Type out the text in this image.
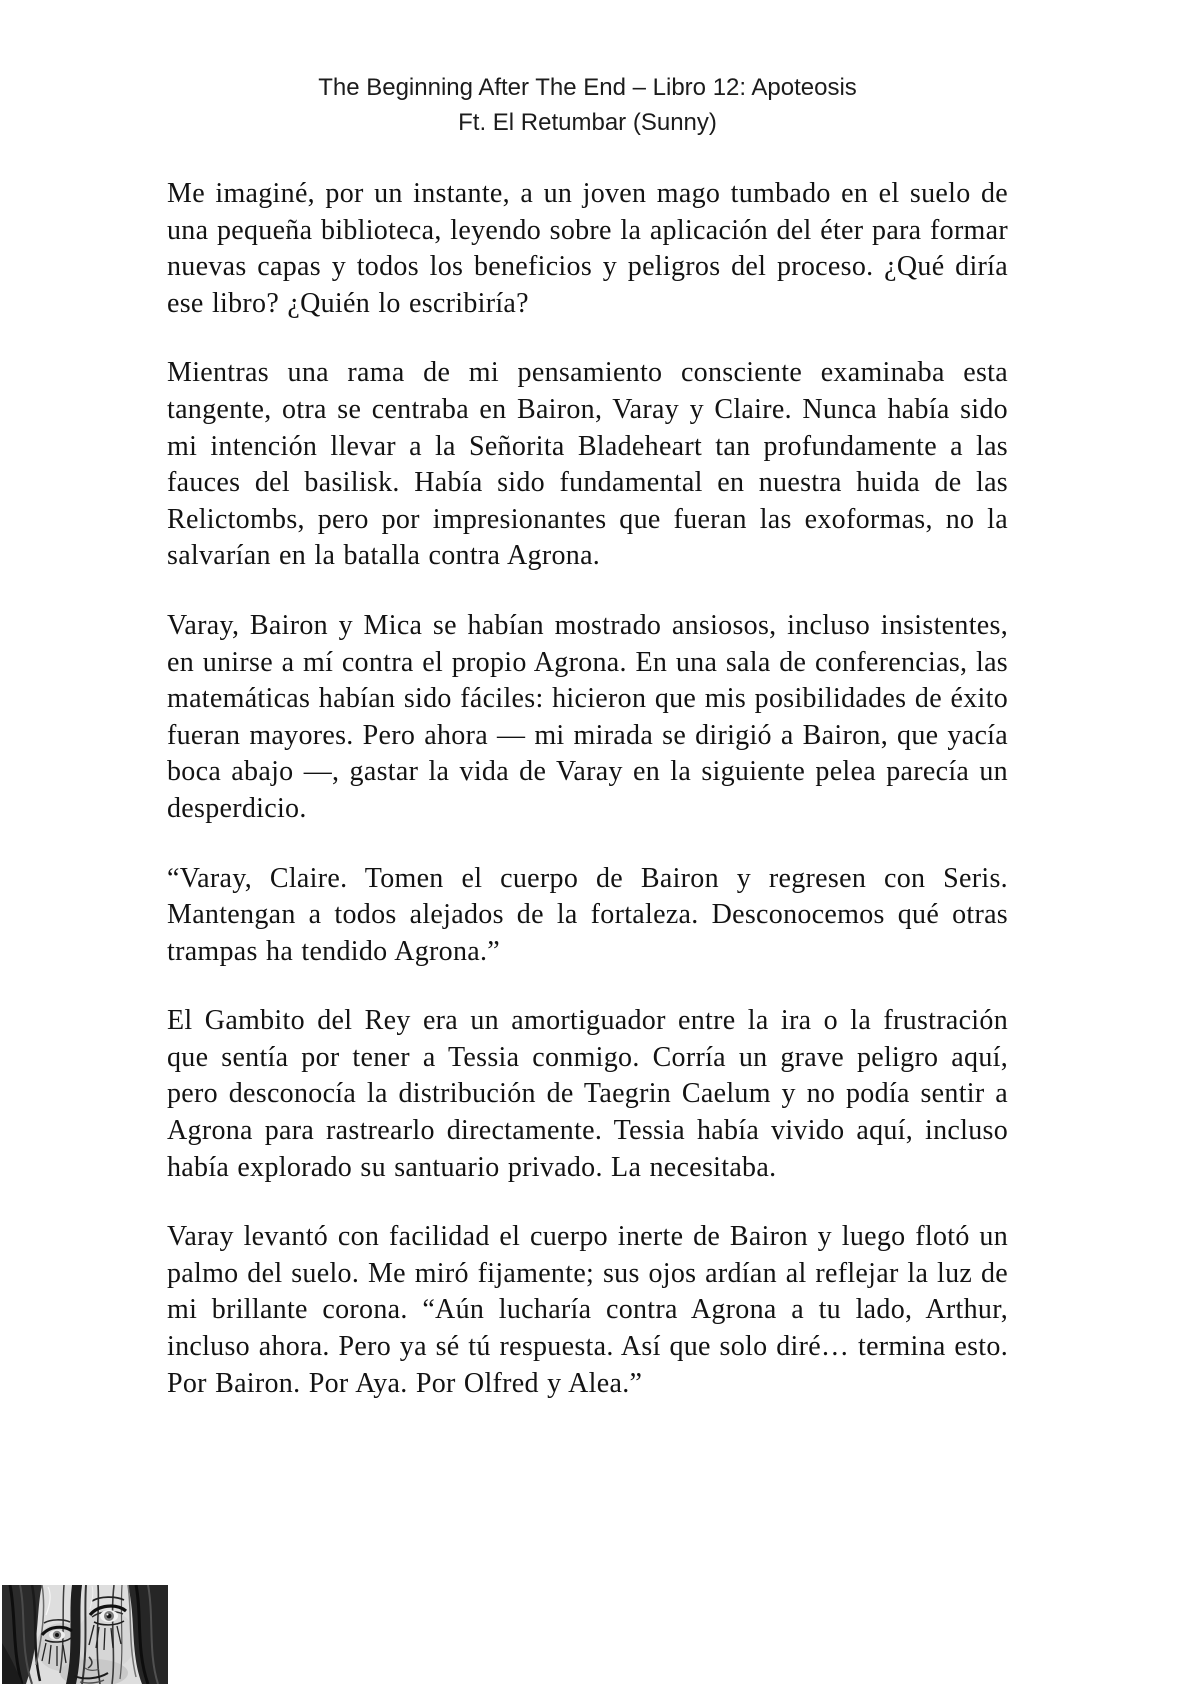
The Beginning After The End – Libro 12: Apoteosis
Ft. El Retumbar (Sunny)

Me imaginé, por un instante, a un joven mago tumbado en el suelo de una pequeña biblioteca, leyendo sobre la aplicación del éter para formar nuevas capas y todos los beneficios y peligros del proceso. ¿Qué diría ese libro? ¿Quién lo escribiría?

Mientras una rama de mi pensamiento consciente examinaba esta tangente, otra se centraba en Bairon, Varay y Claire. Nunca había sido mi intención llevar a la Señorita Bladeheart tan profundamente a las fauces del basilisk. Había sido fundamental en nuestra huida de las Relictombs, pero por impresionantes que fueran las exoformas, no la salvarían en la batalla contra Agrona.

Varay, Bairon y Mica se habían mostrado ansiosos, incluso insistentes, en unirse a mí contra el propio Agrona. En una sala de conferencias, las matemáticas habían sido fáciles: hicieron que mis posibilidades de éxito fueran mayores. Pero ahora — mi mirada se dirigió a Bairon, que yacía boca abajo —, gastar la vida de Varay en la siguiente pelea parecía un desperdicio.

“Varay, Claire. Tomen el cuerpo de Bairon y regresen con Seris. Mantengan a todos alejados de la fortaleza. Desconocemos qué otras trampas ha tendido Agrona.”

El Gambito del Rey era un amortiguador entre la ira o la frustración que sentía por tener a Tessia conmigo. Corría un grave peligro aquí, pero desconocía la distribución de Taegrin Caelum y no podía sentir a Agrona para rastrearlo directamente. Tessia había vivido aquí, incluso había explorado su santuario privado. La necesitaba.

Varay levantó con facilidad el cuerpo inerte de Bairon y luego flotó un palmo del suelo. Me miró fijamente; sus ojos ardían al reflejar la luz de mi brillante corona. “Aún lucharía contra Agrona a tu lado, Arthur, incluso ahora. Pero ya sé tú respuesta. Así que solo diré… termina esto. Por Bairon. Por Aya. Por Olfred y Alea.”
